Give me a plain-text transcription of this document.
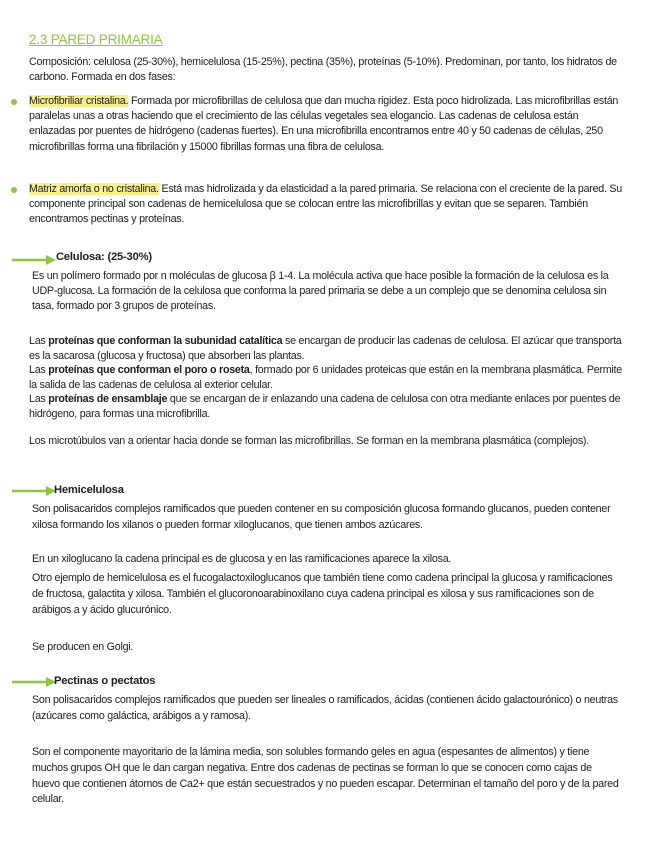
2.3 PARED PRIMARIA

Composición: celulosa (25-30%), hemicelulosa (15-25%), pectina (35%), proteínas (5-10%). Predominan, por tanto, los hidratos de carbono. Formada en dos fases:

Microfibriliar cristalina. Formada por microfibrillas de celulosa que dan mucha rigidez. Esta poco hidrolizada. Las microfibrillas están paralelas unas a otras haciendo que el crecimiento de las células vegetales sea elogancio. Las cadenas de celulosa están enlazadas por puentes de hidrógeno (cadenas fuertes). En una microfibrilla encontramos entre 40 y 50 cadenas de células, 250 microfibrillas forma una fibrilación y 15000 fibrillas formas una fibra de celulosa.

Matriz amorfa o no cristalina. Está mas hidrolizada y da elasticidad a la pared primaria. Se relaciona con el creciente de la pared. Su componente principal son cadenas de hemicelulosa que se colocan entre las microfibrillas y evitan que se separen. También encontramos pectinas y proteínas.

Celulosa: (25-30%)

Es un polímero formado por n moléculas de glucosa β 1-4. La molécula activa que hace posible la formación de la celulosa es la UDP-glucosa. La formación de la celulosa que conforma la pared primaria se debe a un complejo que se denomina celulosa sin tasa, formado por 3 grupos de proteínas.

Las proteínas que conforman la subunidad catalítica se encargan de producir las cadenas de celulosa. El azúcar que transporta es la sacarosa (glucosa y fructosa) que absorben las plantas.
Las proteínas que conforman el poro o roseta, formado por 6 unidades proteicas que están en la membrana plasmática. Permite la salida de las cadenas de celulosa al exterior celular.
Las proteínas de ensamblaje que se encargan de ir enlazando una cadena de celulosa con otra mediante enlaces por puentes de hidrógeno, para formas una microfibrilla.

Los microtúbulos van a orientar hacia donde se forman las microfibrillas. Se forman en la membrana plasmática (complejos).

Hemicelulosa

Son polisacaridos complejos ramificados que pueden contener en su composición glucosa formando glucanos, pueden contener xilosa formando los xilanos o pueden formar xiloglucanos, que tienen ambos azúcares.

En un xiloglucano la cadena principal es de glucosa y en las ramificaciones aparece la xilosa.

Otro ejemplo de hemicelulosa es el fucogalactoxiloglucanos que también tiene como cadena principal la glucosa y ramificaciones de fructosa, galactita y xilosa. También el glucoronoarabinoxilano cuya cadena principal es xilosa y sus ramificaciones son de arábigos a y ácido glucurónico.

Se producen en Golgi.

Pectinas o pectatos

Son polisacaridos complejos ramificados que pueden ser lineales o ramificados, ácidas (contienen ácido galactourónico) o neutras (azúcares como galáctica, arábigos a y ramosa).

Son el componente mayoritario de la lámina media, son solubles formando geles en agua (espesantes de alimentos) y tiene muchos grupos OH que le dan cargan negativa. Entre dos cadenas de pectinas se forman lo que se conocen como cajas de huevo que contienen átomos de Ca2+ que están secuestrados y no pueden escapar. Determinan el tamaño del poro y de la pared celular.
